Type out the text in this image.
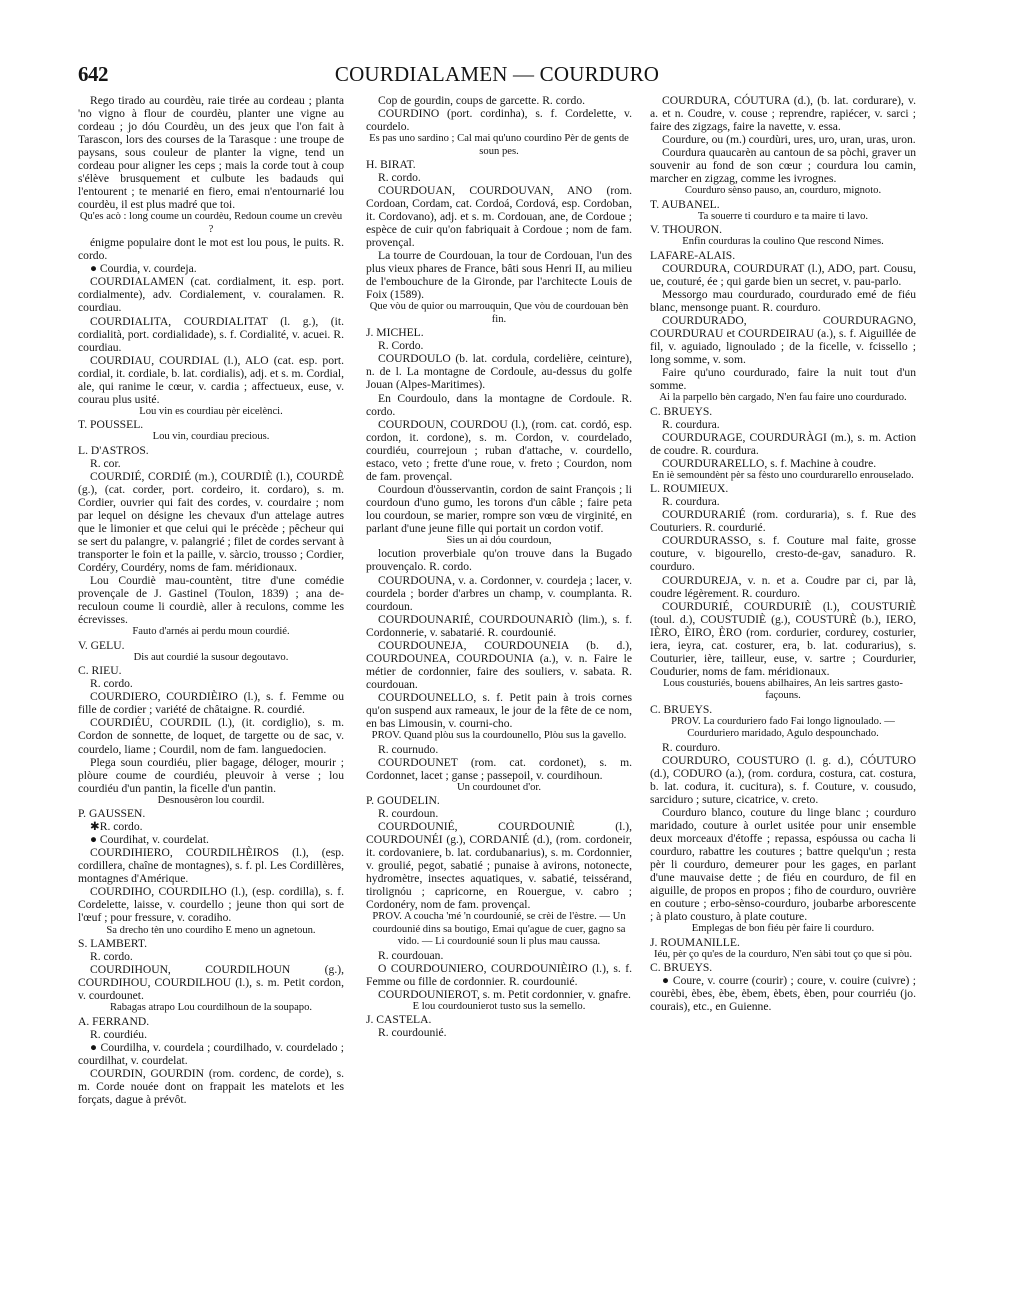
642	COURDIALAMEN — COURDURO

Rego tirado au courdèu, raie tirée au cordeau ; planta 'no vigno à flour de courdèu, planter une vigne au cordeau ; jo dóu Courdèu, un des jeux que l'on fait à Tarascon, lors des courses de la Tarasque : une troupe de paysans, sous couleur de planter la vigne, tend un cordeau pour aligner les ceps ; mais la corde tout à coup s'élève brusquement et culbute les badauds qui l'entourent ; te menarié en fiero, emai n'entournarié lou courdèu, il est plus madré que toi.

Qu'es acò : long coume un courdèu, Redoun coume un crevèu ?

énigme populaire dont le mot est lou pous, le puits. R. cordo.

● Courdia, v. courdeja.

COURDIALAMEN (cat. cordialment, it. esp. port. cordialmente), adv. Cordialement, v. couralamen. R. courdiau.

COURDIALITA, COURDIALITAT (l. g.), (it. cordialità, port. cordialidade), s. f. Cordialité, v. acuei. R. courdiau.

COURDIAU, COURDIAL (l.), ALO (cat. esp. port. cordial, it. cordiale, b. lat. cordialis), adj. et s. m. Cordial, ale, qui ranime le cœur, v. cardia ; affectueux, euse, v. courau plus usité.

Lou vin es courdiau pèr eicelènci.

T. POUSSEL.

Lou vin, courdiau precious.

L. D'ASTROS.

R. cor.

COURDIÉ, CORDIÉ (m.), COURDIÈ (l.), COURDÈ (g.), (cat. corder, port. cordeiro, it. cordaro), s. m. Cordier, ouvrier qui fait des cordes, v. courdaire ; nom par lequel on désigne les chevaux d'un attelage autres que le limonier et que celui qui le précède ; pêcheur qui se sert du palangre, v. palangrié ; filet de cordes servant à transporter le foin et la paille, v. sàrcio, trousso ; Cordier, Cordéry, Courdéry, noms de fam. méridionaux.

Lou Courdiè mau-countènt, titre d'une comédie provençale de J. Gastinel (Toulon, 1839) ; ana de-reculoun coume li courdiè, aller à reculons, comme les écrevisses.

Fauto d'arnés ai perdu moun courdié.

V. GELU.

Dis aut courdié la susour degoutavo.

C. RIEU.

R. cordo.

COURDIERO, COURDIÈIRO (l.), s. f. Femme ou fille de cordier ; variété de châtaigne. R. courdié.

COURDIÉU, COURDIL (l.), (it. cordiglio), s. m. Cordon de sonnette, de loquet, de targette ou de sac, v. courdelo, liame ; Courdil, nom de fam. languedocien.

Plega soun courdiéu, plier bagage, déloger, mourir ; plòure coume de courdiéu, pleuvoir à verse ; lou courdiéu d'un pantin, la ficelle d'un pantin.

Desnousèron lou courdil.

P. GAUSSEN.

✱R. cordo.

● Courdihat, v. courdelat.

COURDIHIERO, COURDILHÈIROS (l.), (esp. cordillera, chaîne de montagnes), s. f. pl. Les Cordillères, montagnes d'Amérique.

COURDIHO, COURDILHO (l.), (esp. cordilla), s. f. Cordelette, laisse, v. courdello ; jeune thon qui sort de l'œuf ; pour fressure, v. coradiho.

Sa drecho tèn uno courdiho E meno un agnetoun.

S. LAMBERT.

R. cordo.

COURDIHOUN, COURDILHOUN (g.), COURDIHOU, COURDILHOU (l.), s. m. Petit cordon, v. courdounet.

Rabagas atrapo Lou courdilhoun de la soupapo.

A. FERRAND.

R. courdiéu.

● Courdilha, v. courdela ; courdilhado, v. courdelado ; courdilhat, v. courdelat.

COURDIN, GOURDIN (rom. cordenc, de corde), s. m. Corde nouée dont on frappait les matelots et les forçats, dague à prévôt.

Cop de gourdin, coups de garcette. R. cordo.

COURDINO (port. cordinha), s. f. Cordelette, v. courdelo.

Es pas uno sardino ; Cal mai qu'uno courdino Pèr de gents de soun pes.

H. BIRAT.

R. cordo.

COURDOUAN, COURDOUVAN, ANO (rom. Cordoan, Cordam, cat. Cordoá, Cordová, esp. Cordoban, it. Cordovano), adj. et s. m. Cordouan, ane, de Cordoue ; espèce de cuir qu'on fabriquait à Cordoue ; nom de fam. provençal.

La tourre de Courdouan, la tour de Cordouan, l'un des plus vieux phares de France, bâti sous Henri II, au milieu de l'embouchure de la Gironde, par l'architecte Louis de Foix (1589).

Que vòu de quior ou marrouquin, Que vòu de courdouan bèn fin.

J. MICHEL.

R. Cordo.

COURDOULO (b. lat. cordula, cordelière, ceinture), n. de l. La montagne de Cordoule, au-dessus du golfe Jouan (Alpes-Maritimes).

En Courdoulo, dans la montagne de Cordoule. R. cordo.

COURDOUN, COURDOU (l.), (rom. cat. cordó, esp. cordon, it. cordone), s. m. Cordon, v. courdelado, courdiéu, courrejoun ; ruban d'attache, v. courdello, estaco, veto ; frette d'une roue, v. freto ; Courdon, nom de fam. provençal.

Courdoun d'òusservantin, cordon de saint François ; li courdoun d'uno gumo, les torons d'un câble ; faire peta lou courdoun, se marier, rompre son vœu de virginité, en parlant d'une jeune fille qui portait un cordon votif.

Sies un ai dóu courdoun,

locution proverbiale qu'on trouve dans la Bugado prouvençalo. R. cordo.

COURDOUNA, v. a. Cordonner, v. courdeja ; lacer, v. courdela ; border d'arbres un champ, v. coumplanta. R. courdoun.

COURDOUNARIÉ, COURDOUNARIÒ (lim.), s. f. Cordonnerie, v. sabatarié. R. courdounié.

COURDOUNEJA, COURDOUNEIA (b. d.), COURDOUNEA, COURDOUNIA (a.), v. n. Faire le métier de cordonnier, faire des souliers, v. sabata. R. courdouan.

COURDOUNELLO, s. f. Petit pain à trois cornes qu'on suspend aux rameaux, le jour de la fête de ce nom, en bas Limousin, v. courni-cho.

PROV. Quand plòu sus la courdounello, Plòu sus la gavello.

R. cournudo.

COURDOUNET (rom. cat. cordonet), s. m. Cordonnet, lacet ; ganse ; passepoil, v. courdihoun.

Un courdounet d'or.

P. GOUDELIN.

R. courdoun.

COURDOUNIÉ, COURDOUNIÈ (l.), COURDOUNÉI (g.), CORDANIÉ (d.), (rom. cordoneir, it. cordovaniere, b. lat. cordubanarius), s. m. Cordonnier, v. groulié, pegot, sabatié ; punaise à avirons, notonecte, hydromètre, insectes aquatiques, v. sabatié, teissérand, tirolignóu ; capricorne, en Rouergue, v. cabro ; Cordonéry, nom de fam. provençal.

PROV. A coucha 'mé 'n courdounié, se crèi de l'èstre. — Un courdounié dins sa boutigo, Emai qu'ague de cuer, gagno sa vido. — Li courdounié soun li plus mau caussa.

R. courdouan.

O COURDOUNIERO, COURDOUNIÈIRO (l.), s. f. Femme ou fille de cordonnier. R. courdounié.

COURDOUNIEROT, s. m. Petit cordonnier, v. gnafre.

E lou courdounierot tusto sus la semello.

J. CASTELA.

R. courdounié.

COURDURA, CÓUTURA (d.), (b. lat. cordurare), v. a. et n. Coudre, v. couse ; reprendre, rapiécer, v. sarci ; faire des zigzags, faire la navette, v. essa.

Courdure, ou (m.) courdùri, ures, uro, uran, uras, uron.

Courdura quaucarèn au cantoun de sa pòchi, graver un souvenir au fond de son cœur ; courdura lou camin, marcher en zigzag, comme les ivrognes.

Courduro sènso pauso, an, courduro, mignoto.

T. AUBANEL.

Ta souerre ti courduro e ta maire ti lavo.

V. THOURON.

Enfin courduras la coulino Que rescond Nimes.

LAFARE-ALAIS.

COURDURA, COURDURAT (l.), ADO, part. Cousu, ue, couturé, ée ; qui garde bien un secret, v. pau-parlo.

Messorgo mau courdurado, courdurado emé de fiéu blanc, mensonge puant. R. courduro.

COURDURADO, COURDURAGNO, COURDURAU et COURDEIRAU (a.), s. f. Aiguillée de fil, v. aguiado, lignoulado ; de la ficelle, v. fcissello ; long somme, v. som.

Faire qu'uno courdurado, faire la nuit tout d'un somme.

Ai la parpello bèn cargado, N'en fau faire uno courdurado.

C. BRUEYS.

R. courdura.

COURDURAGE, COURDURÀGI (m.), s. m. Action de coudre. R. courdura.

COURDURARELLO, s. f. Machine à coudre.

En iè semoundènt pèr sa fèsto uno courdurarello enrouselado.

L. ROUMIEUX.

R. courdura.

COURDURARIÉ (rom. corduraria), s. f. Rue des Couturiers. R. courdurié.

COURDURASSO, s. f. Couture mal faite, grosse couture, v. bigourello, cresto-de-gav, sanaduro. R. courduro.

COURDUREJA, v. n. et a. Coudre par ci, par là, coudre légèrement. R. courduro.

COURDURIÉ, COURDURIÈ (l.), COUSTURIÈ (toul. d.), COUSTUDIÈ (g.), COUSTURÈ (b.), IERO, IÈRO, ÈIRO, ÈRO (rom. cordurier, cordurey, costurier, iera, ieyra, cat. costurer, era, b. lat. codurarius), s. Couturier, ière, tailleur, euse, v. sartre ; Courdurier, Coudurier, noms de fam. méridionaux.

Lous cousturiés, bouens abilhaires, An leis sartres gasto-façouns.

C. BRUEYS.

PROV. La courduriero fado Fai longo lignoulado. — Courduriero maridado, Agulo despounchado.

R. courduro.

COURDURO, COUSTURO (l. g. d.), CÓUTURO (d.), CODURO (a.), (rom. cordura, costura, cat. costura, b. lat. codura, it. cucitura), s. f. Couture, v. cousudo, sarciduro ; suture, cicatrice, v. creto.

Courduro blanco, couture du linge blanc ; courduro maridado, couture à ourlet usitée pour unir ensemble deux morceaux d'étoffe ; repassa, espóussa ou cacha li courduro, rabattre les coutures ; battre quelqu'un ; resta pèr li courduro, demeurer pour les gages, en parlant d'une mauvaise dette ; de fiéu en courduro, de fil en aiguille, de propos en propos ; fiho de courduro, ouvrière en couture ; erbo-sènso-courduro, joubarbe arborescente ; à plato cousturo, à plate couture.

Emplegas de bon fiéu pèr faire li courduro.

J. ROUMANILLE.

Iéu, pèr ço qu'es de la courduro, N'en sàbi tout ço que si pòu.

C. BRUEYS.

● Coure, v. courre (courir) ; coure, v. couire (cuivre) ; courèbi, èbes, èbe, èbem, èbets, èben, pour courriéu (jo. courais), etc., en Guienne.
